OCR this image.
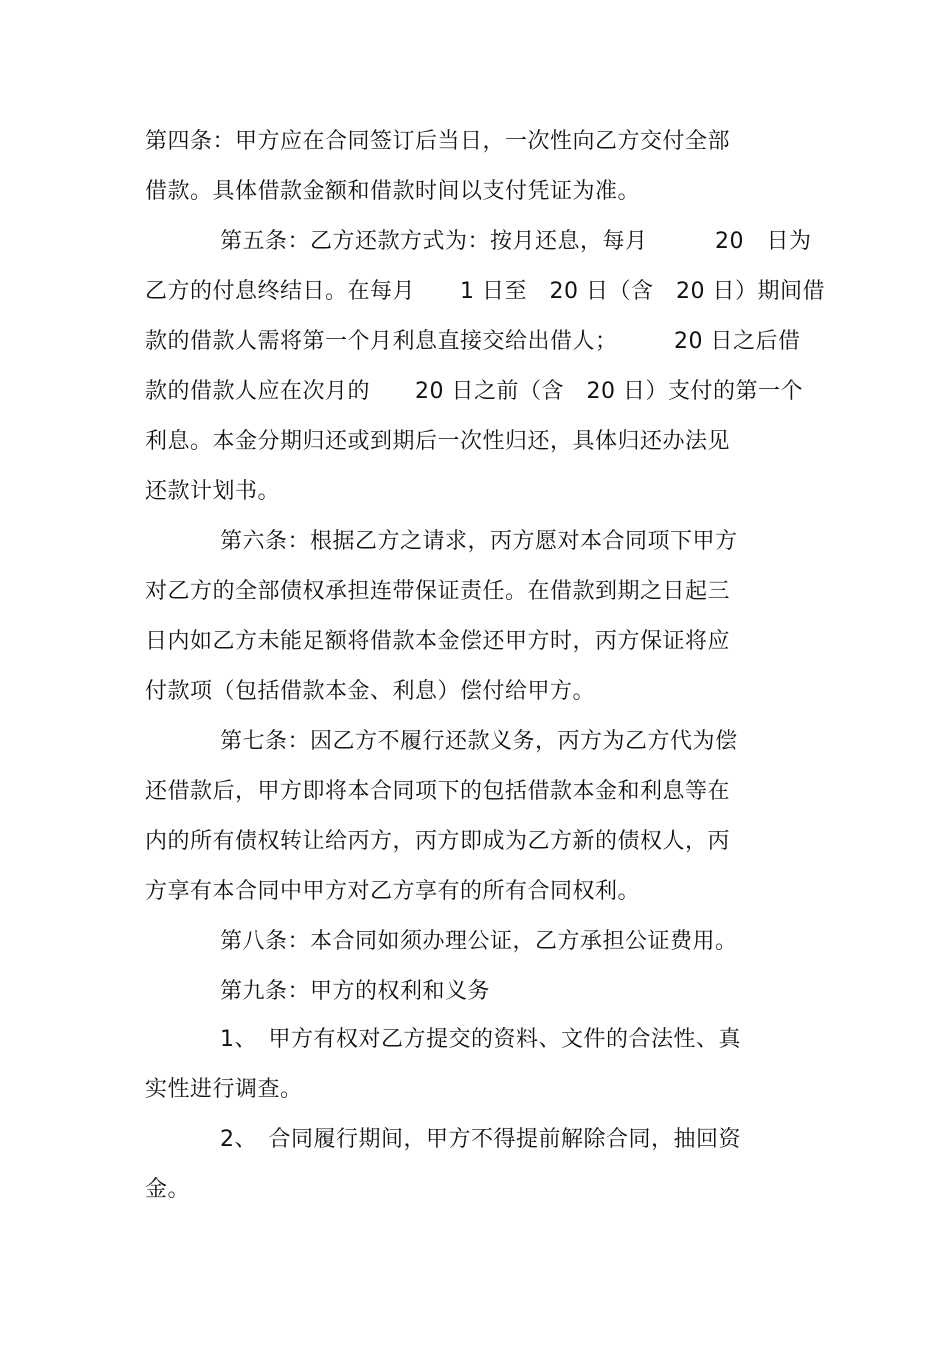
第四条：甲方应在合同签订后当日，一次性向乙方交付全部
借款。具体借款金额和借款时间以支付凭证为准。
第五条：乙方还款方式为：按月还息，每月　　　20　日为
乙方的付息终结日。在每月　　1 日至　20 日（含　20 日）期间借
款的借款人需将第一个月利息直接交给出借人；　　　20 日之后借
款的借款人应在次月的　　20 日之前（含　20 日）支付的第一个
利息。本金分期归还或到期后一次性归还，具体归还办法见
还款计划书。
第六条：根据乙方之请求，丙方愿对本合同项下甲方
对乙方的全部债权承担连带保证责任。在借款到期之日起三
日内如乙方未能足额将借款本金偿还甲方时，丙方保证将应
付款项（包括借款本金、利息）偿付给甲方。
第七条：因乙方不履行还款义务，丙方为乙方代为偿
还借款后，甲方即将本合同项下的包括借款本金和利息等在
内的所有债权转让给丙方，丙方即成为乙方新的债权人，丙
方享有本合同中甲方对乙方享有的所有合同权利。
第八条：本合同如须办理公证，乙方承担公证费用。
第九条：甲方的权利和义务
1、　甲方有权对乙方提交的资料、文件的合法性、真
实性进行调查。
2、　合同履行期间，甲方不得提前解除合同，抽回资
金。
